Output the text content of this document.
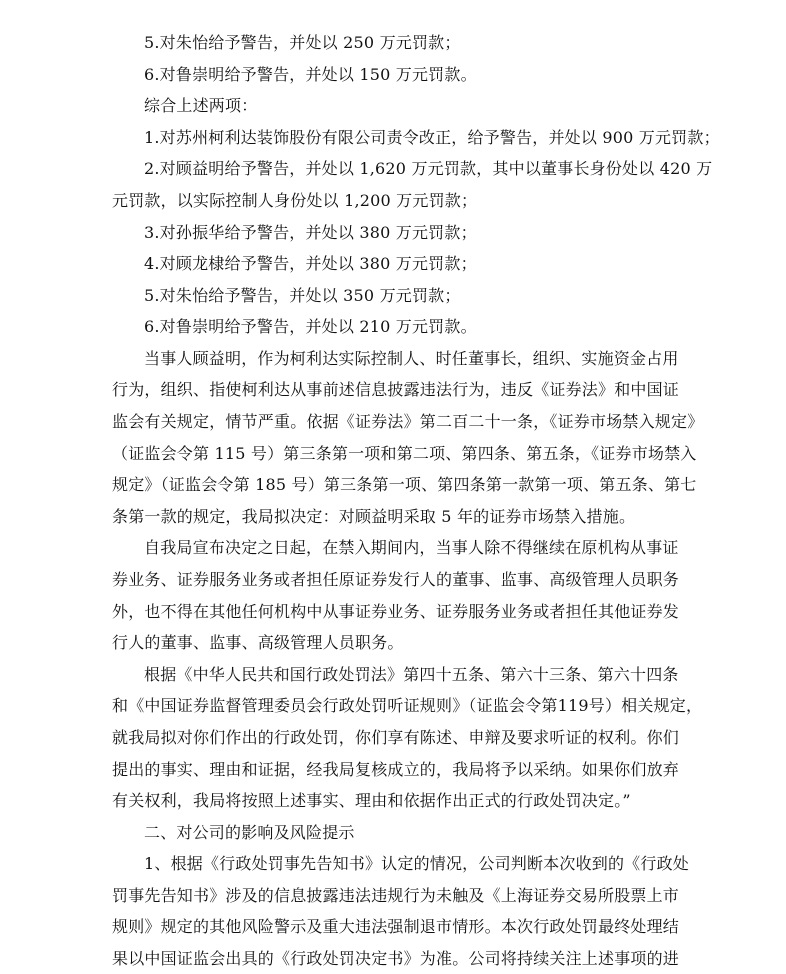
5.对朱怡给予警告，并处以 250 万元罚款；
6.对鲁崇明给予警告，并处以 150 万元罚款。
综合上述两项：
1.对苏州柯利达装饰股份有限公司责令改正，给予警告，并处以 900 万元罚款；
2.对顾益明给予警告，并处以 1,620 万元罚款，其中以董事长身份处以 420 万
元罚款，以实际控制人身份处以 1,200 万元罚款；
3.对孙振华给予警告，并处以 380 万元罚款；
4.对顾龙棣给予警告，并处以 380 万元罚款；
5.对朱怡给予警告，并处以 350 万元罚款；
6.对鲁崇明给予警告，并处以 210 万元罚款。
当事人顾益明，作为柯利达实际控制人、时任董事长，组织、实施资金占用
行为，组织、指使柯利达从事前述信息披露违法行为，违反《证券法》和中国证
监会有关规定，情节严重。依据《证券法》第二百二十一条，《证券市场禁入规定》
（证监会令第 115 号）第三条第一项和第二项、第四条、第五条，《证券市场禁入
规定》（证监会令第 185 号）第三条第一项、第四条第一款第一项、第五条、第七
条第一款的规定，我局拟决定：对顾益明采取 5 年的证券市场禁入措施。
自我局宣布决定之日起，在禁入期间内，当事人除不得继续在原机构从事证
券业务、证券服务业务或者担任原证券发行人的董事、监事、高级管理人员职务
外，也不得在其他任何机构中从事证券业务、证券服务业务或者担任其他证券发
行人的董事、监事、高级管理人员职务。
根据《中华人民共和国行政处罚法》第四十五条、第六十三条、第六十四条
和《中国证券监督管理委员会行政处罚听证规则》（证监会令第119号）相关规定，
就我局拟对你们作出的行政处罚，你们享有陈述、申辩及要求听证的权利。你们
提出的事实、理由和证据，经我局复核成立的，我局将予以采纳。如果你们放弃
有关权利，我局将按照上述事实、理由和依据作出正式的行政处罚决定。”
二、对公司的影响及风险提示
1、根据《行政处罚事先告知书》认定的情况，公司判断本次收到的《行政处
罚事先告知书》涉及的信息披露违法违规行为未触及《上海证券交易所股票上市
规则》规定的其他风险警示及重大违法强制退市情形。本次行政处罚最终处理结
果以中国证监会出具的《行政处罚决定书》为准。公司将持续关注上述事项的进
